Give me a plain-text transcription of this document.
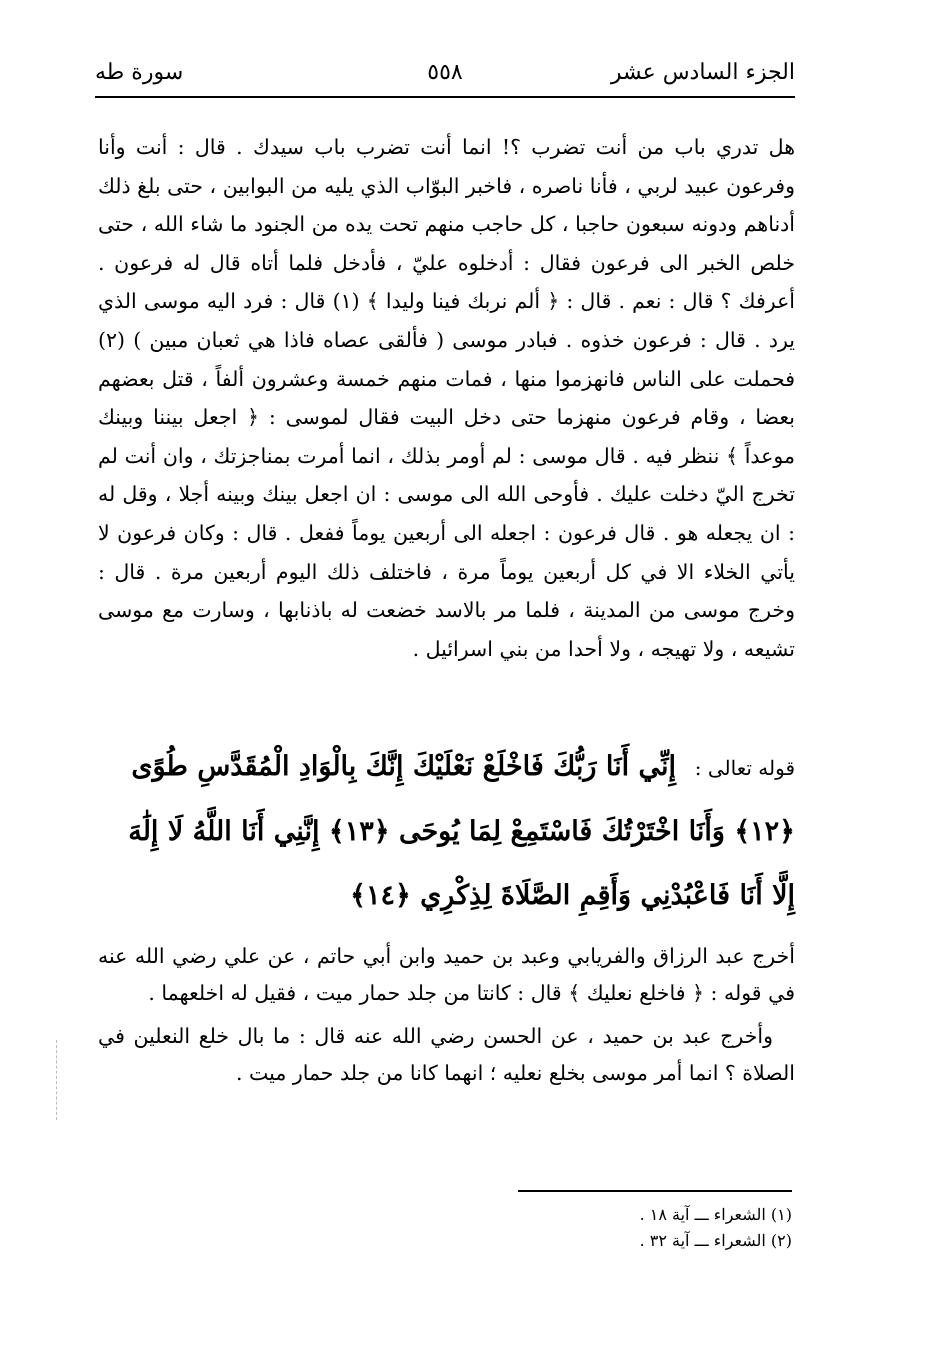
الجزء السادس عشر
٥٥٨
سورة طه

هل تدري باب من أنت تضرب ؟! انما أنت تضرب باب سيدك . قال : أنت وأنا وفرعون عبيد لربي ، فأنا ناصره ، فاخبر البوّاب الذي يليه من البوابين ، حتى بلغ ذلك أدناهم ودونه سبعون حاجبا ، كل حاجب منهم تحت يده من الجنود ما شاء الله ، حتى خلص الخبر الى فرعون فقال : أدخلوه عليّ ، فأدخل فلما أتاه قال له فرعون . أعرفك ؟ قال : نعم . قال : ﴿ ألم نربك فينا وليدا ﴾ (١) قال : فرد اليه موسى الذي يرد . قال : فرعون خذوه . فبادر موسى ( فألقى عصاه فاذا هي ثعبان مبين ) (٢) فحملت على الناس فانهزموا منها ، فمات منهم خمسة وعشرون ألفاً ، قتل بعضهم بعضا ، وقام فرعون منهزما حتى دخل البيت فقال لموسى : ﴿ اجعل بيننا وبينك موعداً ﴾ ننظر فيه . قال موسى : لم أومر بذلك ، انما أمرت بمناجزتك ، وان أنت لم تخرج اليّ دخلت عليك . فأوحى الله الى موسى : ان اجعل بينك وبينه أجلا ، وقل له : ان يجعله هو . قال فرعون : اجعله الى أربعين يوماً ففعل . قال : وكان فرعون لا يأتي الخلاء الا في كل أربعين يوماً مرة ، فاختلف ذلك اليوم أربعين مرة . قال : وخرج موسى من المدينة ، فلما مر بالاسد خضعت له باذنابها ، وسارت مع موسى تشيعه ، ولا تهيجه ، ولا أحدا من بني اسرائيل .

قوله تعالى : إِنِّي أَنَا رَبُّكَ فَاخْلَعْ نَعْلَيْكَ إِنَّكَ بِالْوَادِ الْمُقَدَّسِ طُوًى ﴿١٢﴾ وَأَنَا اخْتَرْتُكَ فَاسْتَمِعْ لِمَا يُوحَى ﴿١٣﴾ إِنَّنِي أَنَا اللَّهُ لَا إِلَٰهَ إِلَّا أَنَا فَاعْبُدْنِي وَأَقِمِ الصَّلَاةَ لِذِكْرِي ﴿١٤﴾

أخرج عبد الرزاق والفريابي وعبد بن حميد وابن أبي حاتم ، عن علي رضي الله عنه في قوله : ﴿ فاخلع نعليك ﴾ قال : كانتا من جلد حمار ميت ، فقيل له اخلعهما .

وأخرج عبد بن حميد ، عن الحسن رضي الله عنه قال : ما بال خلع النعلين في الصلاة ؟ انما أمر موسى بخلع نعليه ؛ انهما كانا من جلد حمار ميت .

(١) الشعراء ـــ آية ١٨ .
(٢) الشعراء ـــ آية ٣٢ .
